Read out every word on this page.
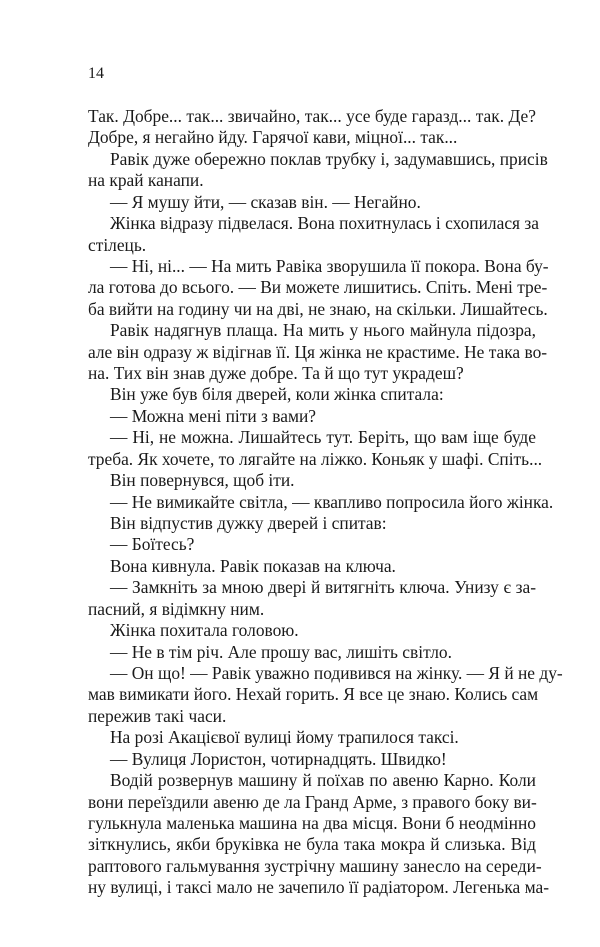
14
Так. Добре... так... звичайно, так... усе буде гаразд... так. Де?
Добре, я негайно йду. Гарячої кави, міцної... так...
Равік дуже обережно поклав трубку і, задумавшись, присів
на край канапи.
— Я мушу йти, — сказав він. — Негайно.
Жінка відразу підвелася. Вона похитнулась і схопилася за
стілець.
— Ні, ні... — На мить Равіка зворушила її покора. Вона бу-
ла готова до всього. — Ви можете лишитись. Спіть. Мені тре-
ба вийти на годину чи на дві, не знаю, на скільки. Лишайтесь.
Равік надягнув плаща. На мить у нього майнула підозра,
але він одразу ж відігнав її. Ця жінка не крастиме. Не така во-
на. Тих він знав дуже добре. Та й що тут украдеш?
Він уже був біля дверей, коли жінка спитала:
— Можна мені піти з вами?
— Ні, не можна. Лишайтесь тут. Беріть, що вам іще буде
треба. Як хочете, то лягайте на ліжко. Коньяк у шафі. Спіть...
Він повернувся, щоб іти.
— Не вимикайте світла, — квапливо попросила його жінка.
Він відпустив дужку дверей і спитав:
— Боїтесь?
Вона кивнула. Равік показав на ключа.
— Замкніть за мною двері й витягніть ключа. Унизу є за-
пасний, я відімкну ним.
Жінка похитала головою.
— Не в тім річ. Але прошу вас, лишіть світло.
— Он що! — Равік уважно подивився на жінку. — Я й не ду-
мав вимикати його. Нехай горить. Я все це знаю. Колись сам
пережив такі часи.
На розі Акацієвої вулиці йому трапилося таксі.
— Вулиця Лористон, чотирнадцять. Швидко!
Водій розвернув машину й поїхав по авеню Карно. Коли
вони переїздили авеню де ла Гранд Арме, з правого боку ви-
гулькнула маленька машина на два місця. Вони б неодмінно
зіткнулись, якби бруківка не була така мокра й слизька. Від
раптового гальмування зустрічну машину занесло на середи-
ну вулиці, і таксі мало не зачепило її радіатором. Легенька ма-
